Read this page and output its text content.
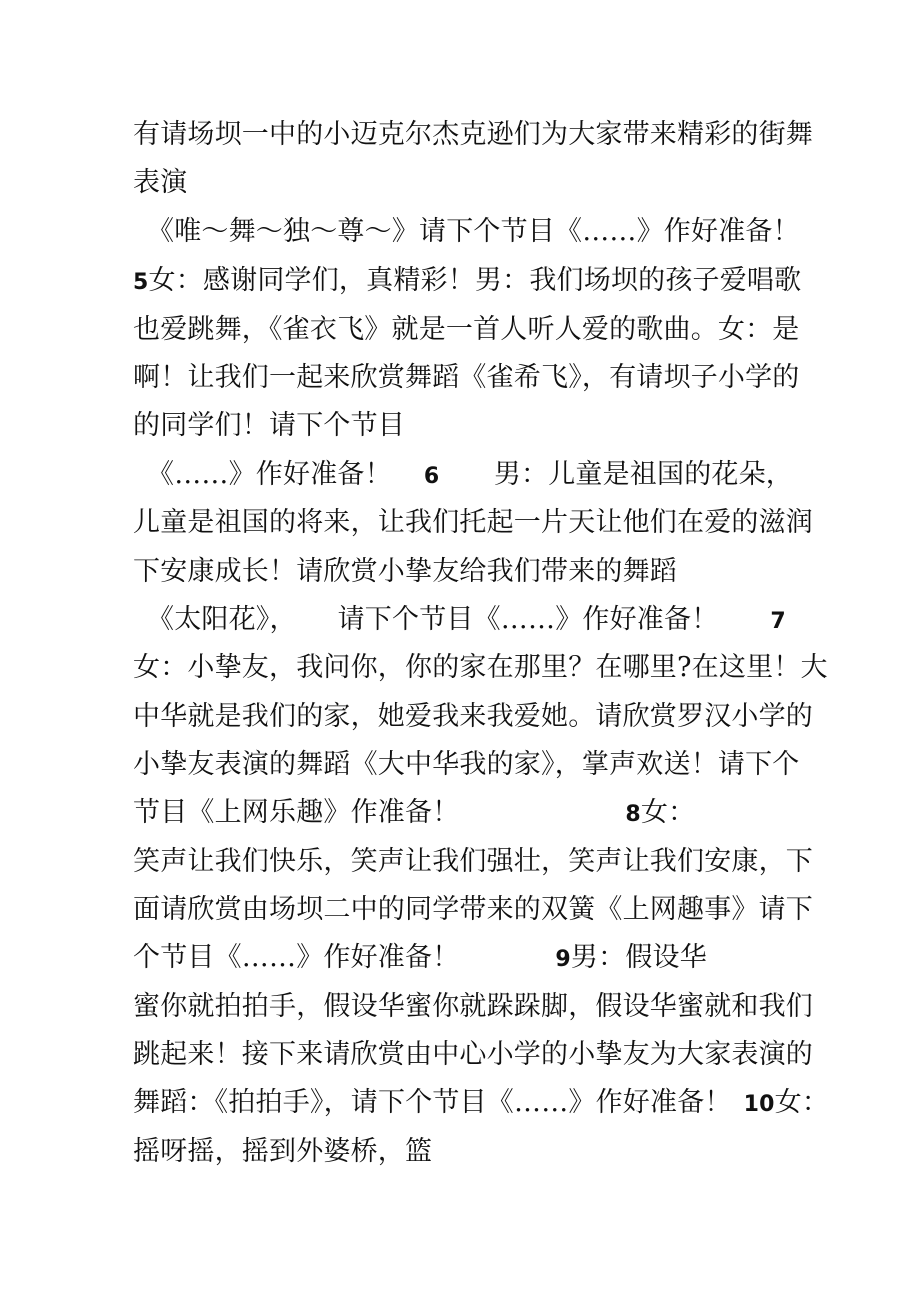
有请场坝一中的小迈克尔杰克逊们为大家带来精彩的街舞
表演
《唯～舞～独～尊～》请下个节目《……》作好准备！
5女：感谢同学们，真精彩！男：我们场坝的孩子爱唱歌
也爱跳舞，《雀衣飞》就是一首人听人爱的歌曲。女：是
啊！让我们一起来欣赏舞蹈《雀希飞》，有请坝子小学的
的同学们！请下个节目
《……》作好准备！ 6 男：儿童是祖国的花朵，
儿童是祖国的将来，让我们托起一片天让他们在爱的滋润
下安康成长！请欣赏小挚友给我们带来的舞蹈
《太阳花》，　　请下个节目《……》作好准备！ 7
女：小挚友，我问你，你的家在那里？在哪里?在这里！大
中华就是我们的家，她爱我来我爱她。请欣赏罗汉小学的
小挚友表演的舞蹈《大中华我的家》，掌声欢送！请下个
节目《上网乐趣》作准备！	8女：
笑声让我们快乐，笑声让我们强壮，笑声让我们安康，下
面请欣赏由场坝二中的同学带来的双簧《上网趣事》请下
个节目《……》作好准备！	9男：假设华
蜜你就拍拍手，假设华蜜你就跺跺脚，假设华蜜就和我们
跳起来！接下来请欣赏由中心小学的小挚友为大家表演的
舞蹈：《拍拍手》，请下个节目《……》作好准备！ 10女：
摇呀摇，摇到外婆桥，篮
